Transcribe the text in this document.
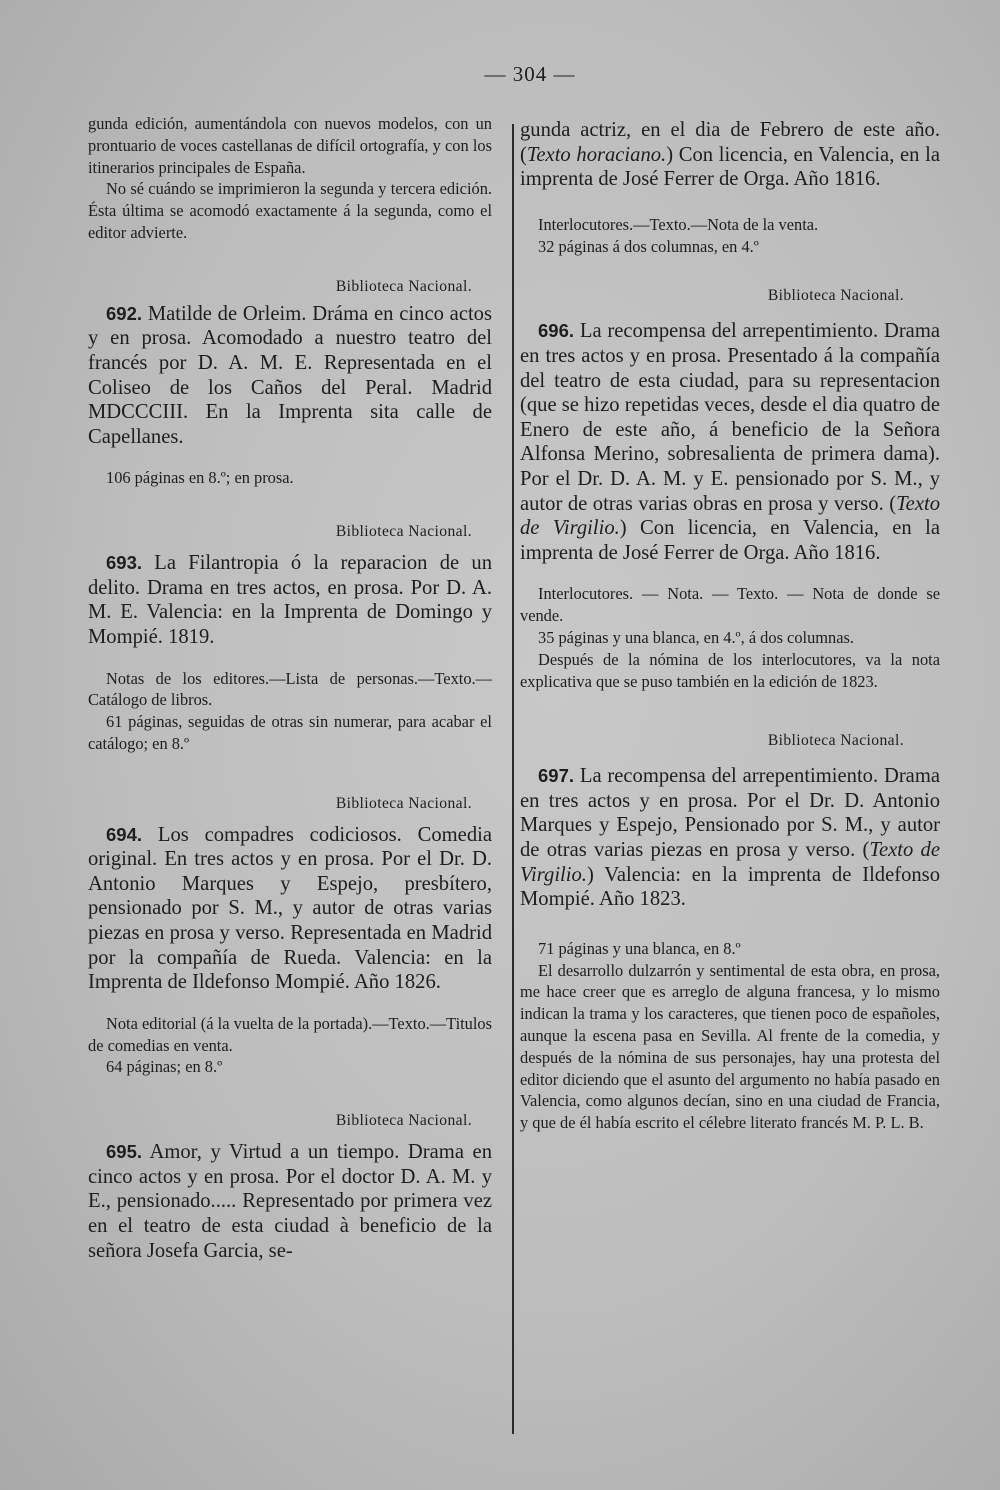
— 304 —

gunda edición, aumentándola con nuevos modelos, con un prontuario de voces castellanas de difícil ortografía, y con los itinerarios principales de España.

No sé cuándo se imprimieron la segunda y tercera edición. Ésta última se acomodó exactamente á la segunda, como el editor advierte.

Biblioteca Nacional.

692. Matilde de Orleim. Dráma en cinco actos y en prosa. Acomodado a nuestro teatro del francés por D. A. M. E. Representada en el Coliseo de los Caños del Peral. Madrid MDCCCIII. En la Imprenta sita calle de Capellanes.

106 páginas en 8.º; en prosa.

Biblioteca Nacional.

693. La Filantropia ó la reparacion de un delito. Drama en tres actos, en prosa. Por D. A. M. E. Valencia: en la Imprenta de Domingo y Mompié. 1819.

Notas de los editores.—Lista de personas.—Texto.—Catálogo de libros.

61 páginas, seguidas de otras sin numerar, para acabar el catálogo; en 8.º

Biblioteca Nacional.

694. Los compadres codiciosos. Comedia original. En tres actos y en prosa. Por el Dr. D. Antonio Marques y Espejo, presbítero, pensionado por S. M., y autor de otras varias piezas en prosa y verso. Representada en Madrid por la compañía de Rueda. Valencia: en la Imprenta de Ildefonso Mompié. Año 1826.

Nota editorial (á la vuelta de la portada).—Texto.—Titulos de comedias en venta.

64 páginas; en 8.º

Biblioteca Nacional.

695. Amor, y Virtud a un tiempo. Drama en cinco actos y en prosa. Por el doctor D. A. M. y E., pensionado..... Representado por primera vez en el teatro de esta ciudad à beneficio de la señora Josefa Garcia, se-

gunda actriz, en el dia de Febrero de este año. (Texto horaciano.) Con licencia, en Valencia, en la imprenta de José Ferrer de Orga. Año 1816.

Interlocutores.—Texto.—Nota de la venta.

32 páginas á dos columnas, en 4.º

Biblioteca Nacional.

696. La recompensa del arrepentimiento. Drama en tres actos y en prosa. Presentado á la compañía del teatro de esta ciudad, para su representacion (que se hizo repetidas veces, desde el dia quatro de Enero de este año, á beneficio de la Señora Alfonsa Merino, sobresalienta de primera dama). Por el Dr. D. A. M. y E. pensionado por S. M., y autor de otras varias obras en prosa y verso. (Texto de Virgilio.) Con licencia, en Valencia, en la imprenta de José Ferrer de Orga. Año 1816.

Interlocutores. — Nota. — Texto. — Nota de donde se vende.

35 páginas y una blanca, en 4.º, á dos columnas.

Después de la nómina de los interlocutores, va la nota explicativa que se puso también en la edición de 1823.

Biblioteca Nacional.

697. La recompensa del arrepentimiento. Drama en tres actos y en prosa. Por el Dr. D. Antonio Marques y Espejo, Pensionado por S. M., y autor de otras varias piezas en prosa y verso. (Texto de Virgilio.) Valencia: en la imprenta de Ildefonso Mompié. Año 1823.

71 páginas y una blanca, en 8.º

El desarrollo dulzarrón y sentimental de esta obra, en prosa, me hace creer que es arreglo de alguna francesa, y lo mismo indican la trama y los caracteres, que tienen poco de españoles, aunque la escena pasa en Sevilla. Al frente de la comedia, y después de la nómina de sus personajes, hay una protesta del editor diciendo que el asunto del argumento no había pasado en Valencia, como algunos decían, sino en una ciudad de Francia, y que de él había escrito el célebre literato francés M. P. L. B.
